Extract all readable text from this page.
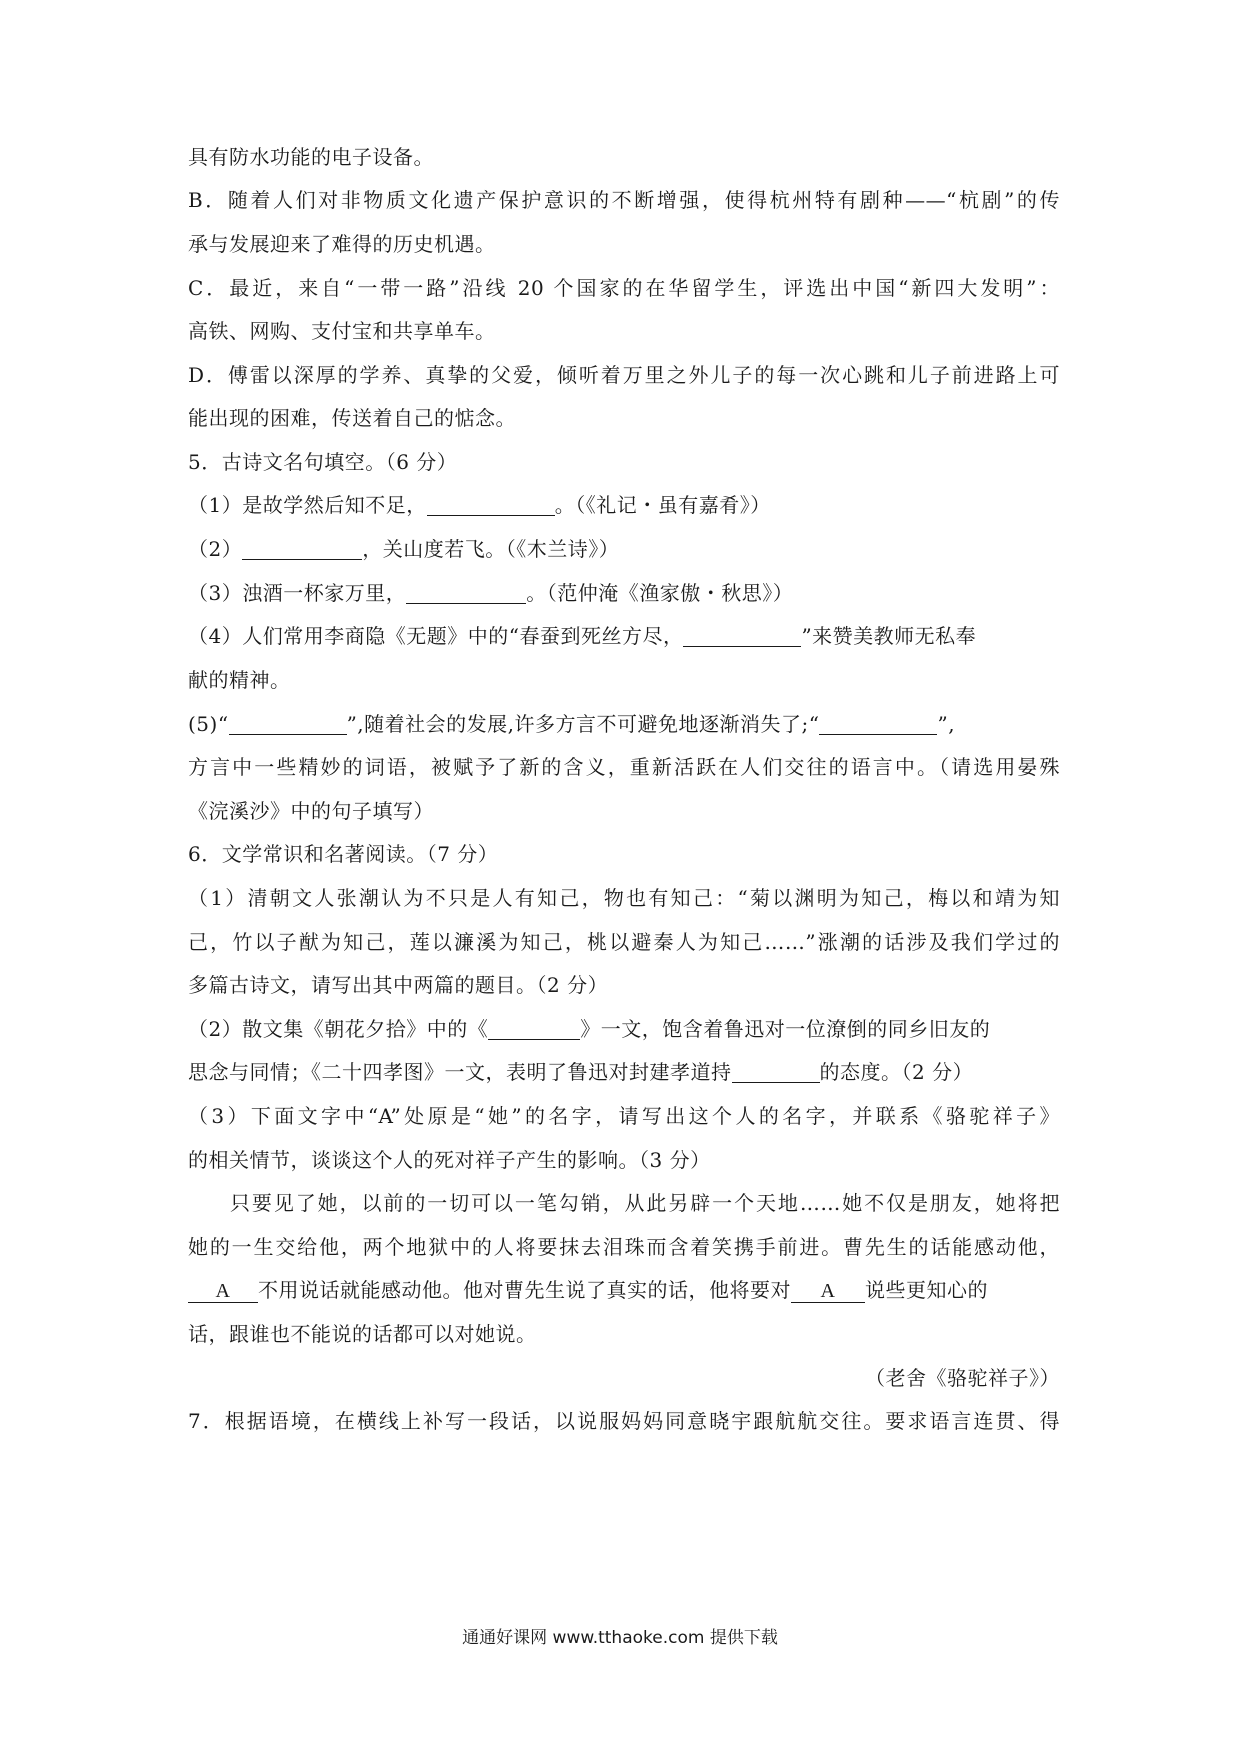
具有防水功能的电子设备。
B．随着人们对非物质文化遗产保护意识的不断增强，使得杭州特有剧种——“杭剧”的传
承与发展迎来了难得的历史机遇。
C．最近，来自“一带一路”沿线 20 个国家的在华留学生，评选出中国“新四大发明”：
高铁、网购、支付宝和共享单车。
D．傅雷以深厚的学养、真挚的父爱，倾听着万里之外儿子的每一次心跳和儿子前进路上可
能出现的困难，传送着自己的惦念。
5．古诗文名句填空。（6 分）
（1）是故学然后知不足，	。（《礼记・虽有嘉肴》）
（2）	，关山度若飞。（《木兰诗》）
（3）浊酒一杯家万里，	。（范仲淹《渔家傲・秋思》）
（4）人们常用李商隐《无题》中的“春蚕到死丝方尽，	”来赞美教师无私奉
献的精神。
(5)“	”,随着社会的发展,许多方言不可避免地逐渐消失了;“	”,
方言中一些精妙的词语，被赋予了新的含义，重新活跃在人们交往的语言中。（请选用晏殊
《浣溪沙》中的句子填写）
6．文学常识和名著阅读。（7 分）
（1）清朝文人张潮认为不只是人有知己，物也有知己：“菊以渊明为知己，梅以和靖为知
己，竹以子猷为知己，莲以濂溪为知己，桃以避秦人为知己……”涨潮的话涉及我们学过的
多篇古诗文，请写出其中两篇的题目。（2 分）
（2）散文集《朝花夕拾》中的《	》一文，饱含着鲁迅对一位潦倒的同乡旧友的
思念与同情；《二十四孝图》一文，表明了鲁迅对封建孝道持	的态度。（2 分）
（3）下面文字中“A”处原是“她”的名字，请写出这个人的名字，并联系《骆驼祥子》
的相关情节，谈谈这个人的死对祥子产生的影响。（3 分）
只要见了她，以前的一切可以一笔勾销，从此另辟一个天地……她不仅是朋友，她将把
她的一生交给他，两个地狱中的人将要抹去泪珠而含着笑携手前进。曹先生的话能感动他，
A 不用说话就能感动他。他对曹先生说了真实的话，他将要对 A 说些更知心的
话，跟谁也不能说的话都可以对她说。
（老舍《骆驼祥子》）
7．根据语境，在横线上补写一段话，以说服妈妈同意晓宇跟航航交往。要求语言连贯、得
通通好课网 www.tthaoke.com 提供下载
